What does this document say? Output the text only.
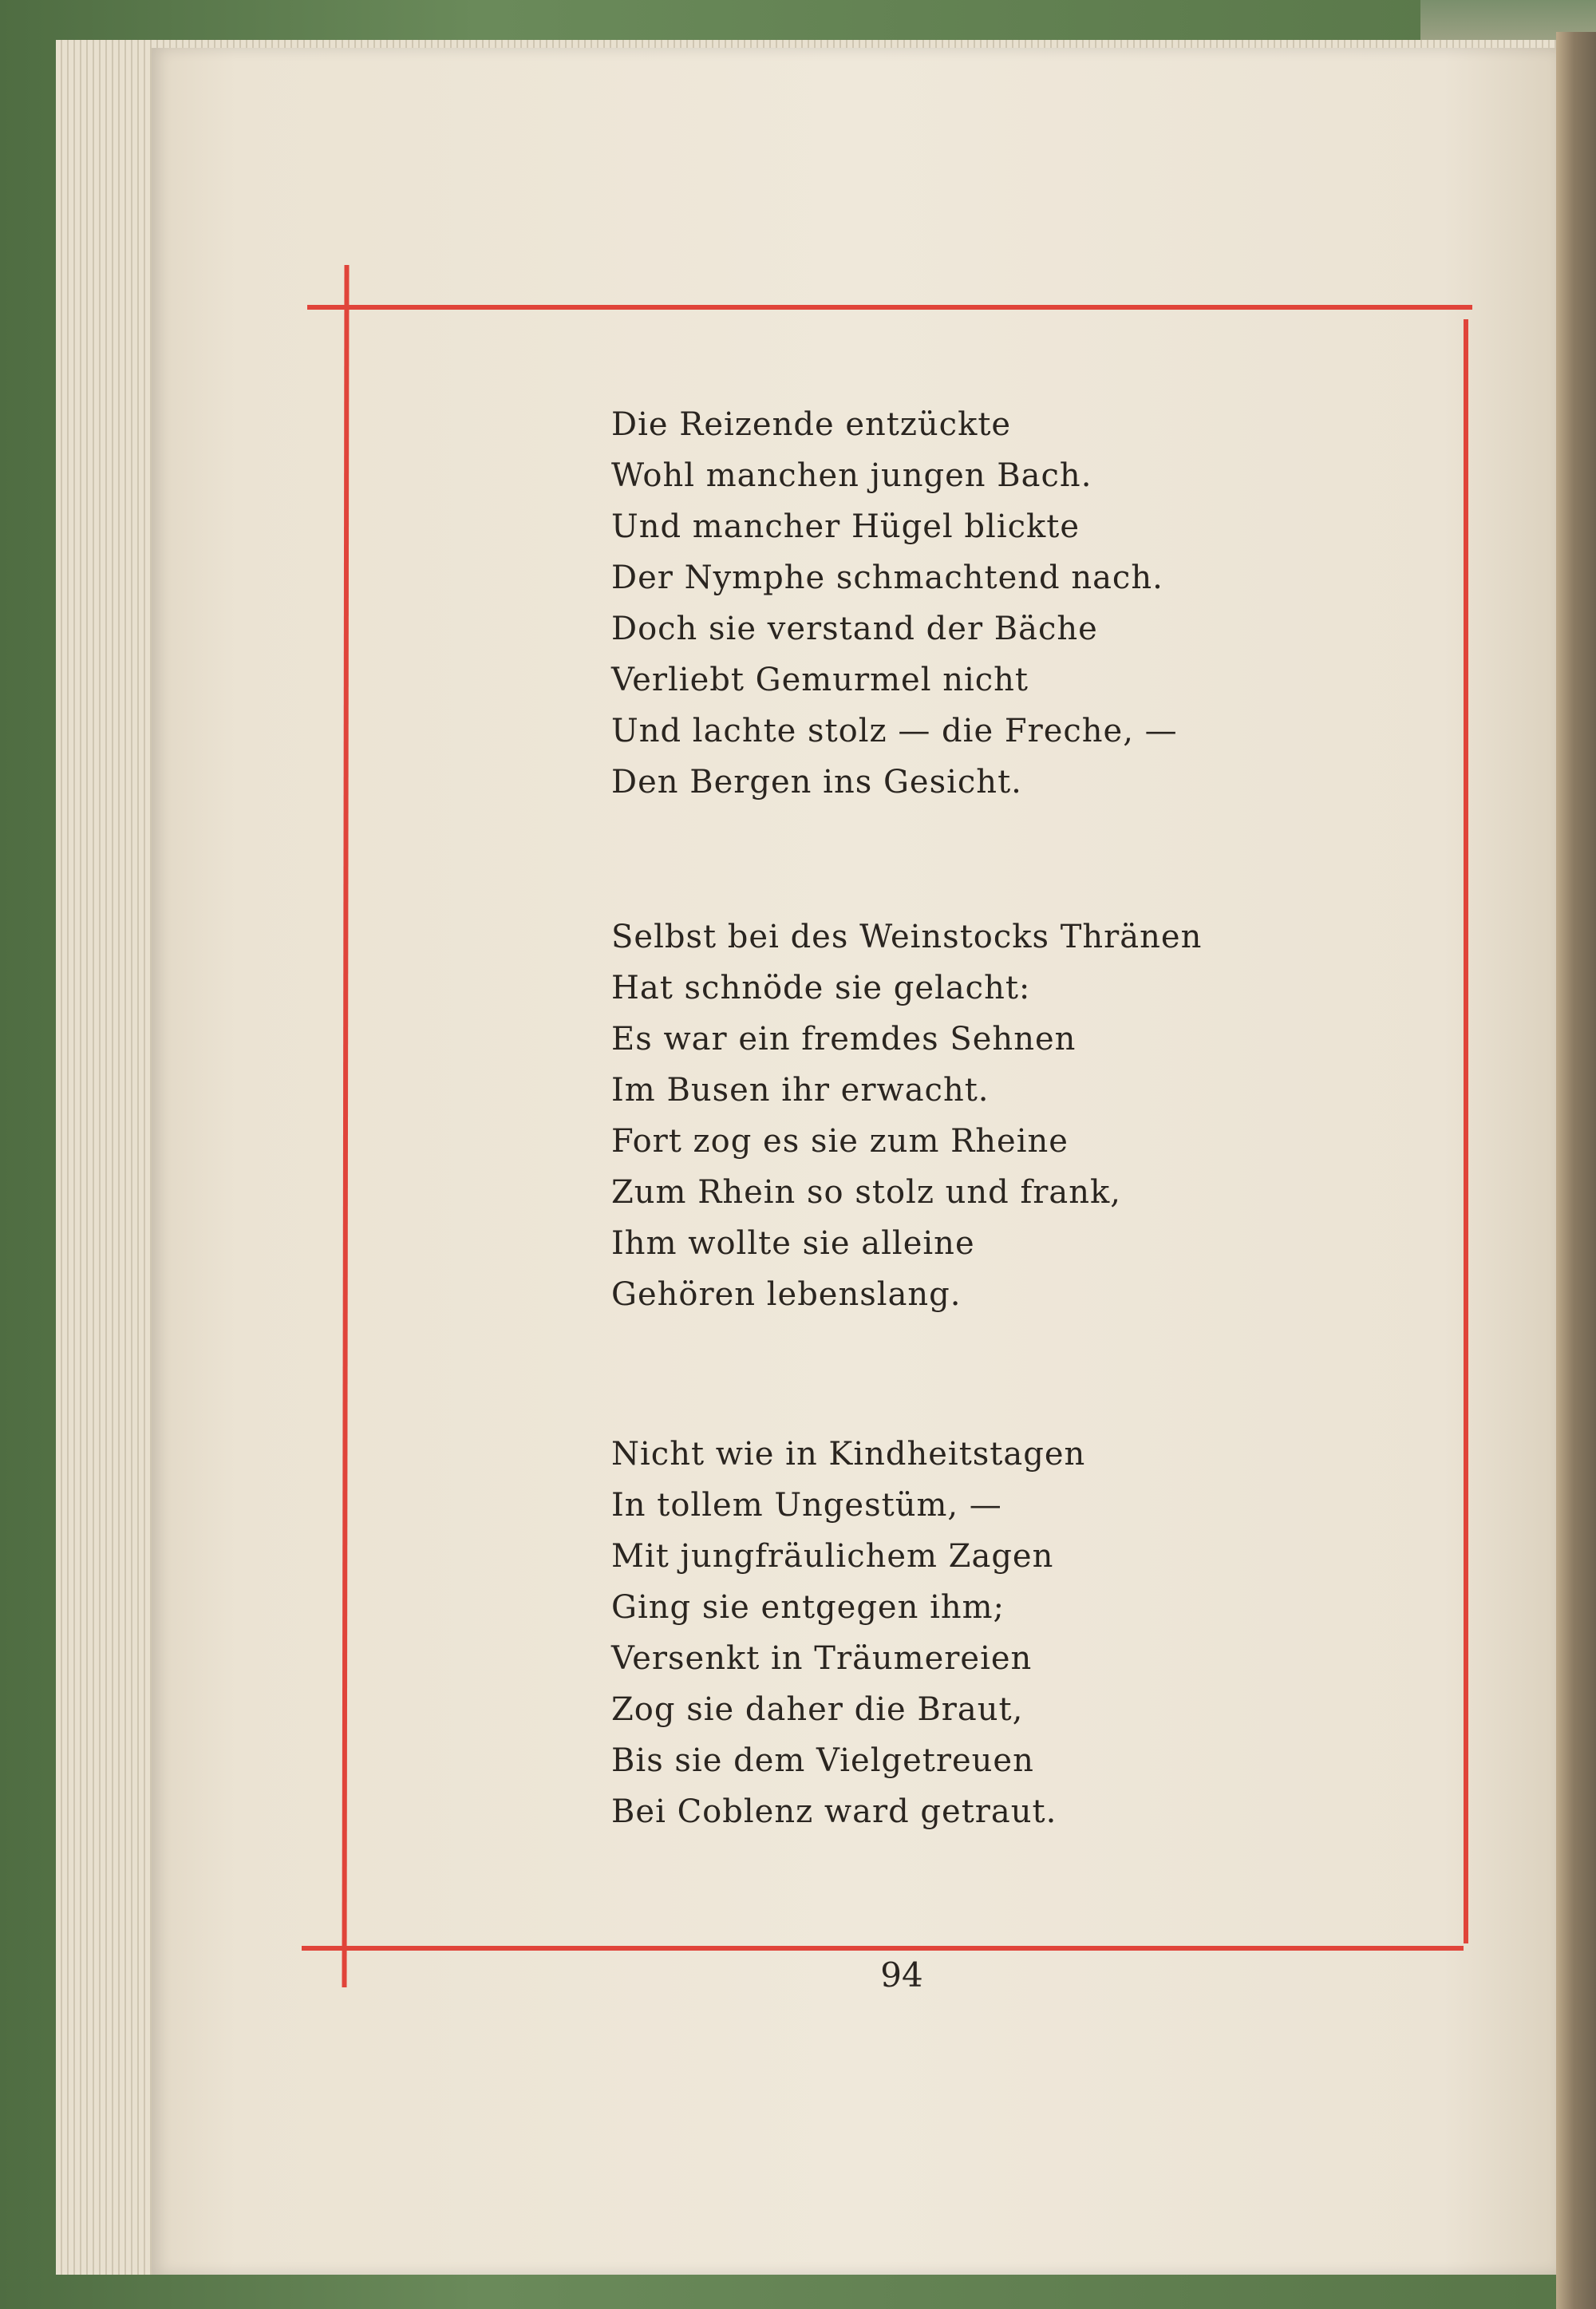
Die Reizende entzückte
Wohl manchen jungen Bach.
Und mancher Hügel blickte
Der Nymphe schmachtend nach.
Doch sie verstand der Bäche
Verliebt Gemurmel nicht
Und lachte stolz — die Freche, —
Den Bergen ins Gesicht.
Selbst bei des Weinstocks Thränen
Hat schnöde sie gelacht:
Es war ein fremdes Sehnen
Im Busen ihr erwacht.
Fort zog es sie zum Rheine
Zum Rhein so stolz und frank,
Ihm wollte sie alleine
Gehören lebenslang.
Nicht wie in Kindheitstagen
In tollem Ungestüm, —
Mit jungfräulichem Zagen
Ging sie entgegen ihm;
Versenkt in Träumereien
Zog sie daher die Braut,
Bis sie dem Vielgetreuen
Bei Coblenz ward getraut.
94
